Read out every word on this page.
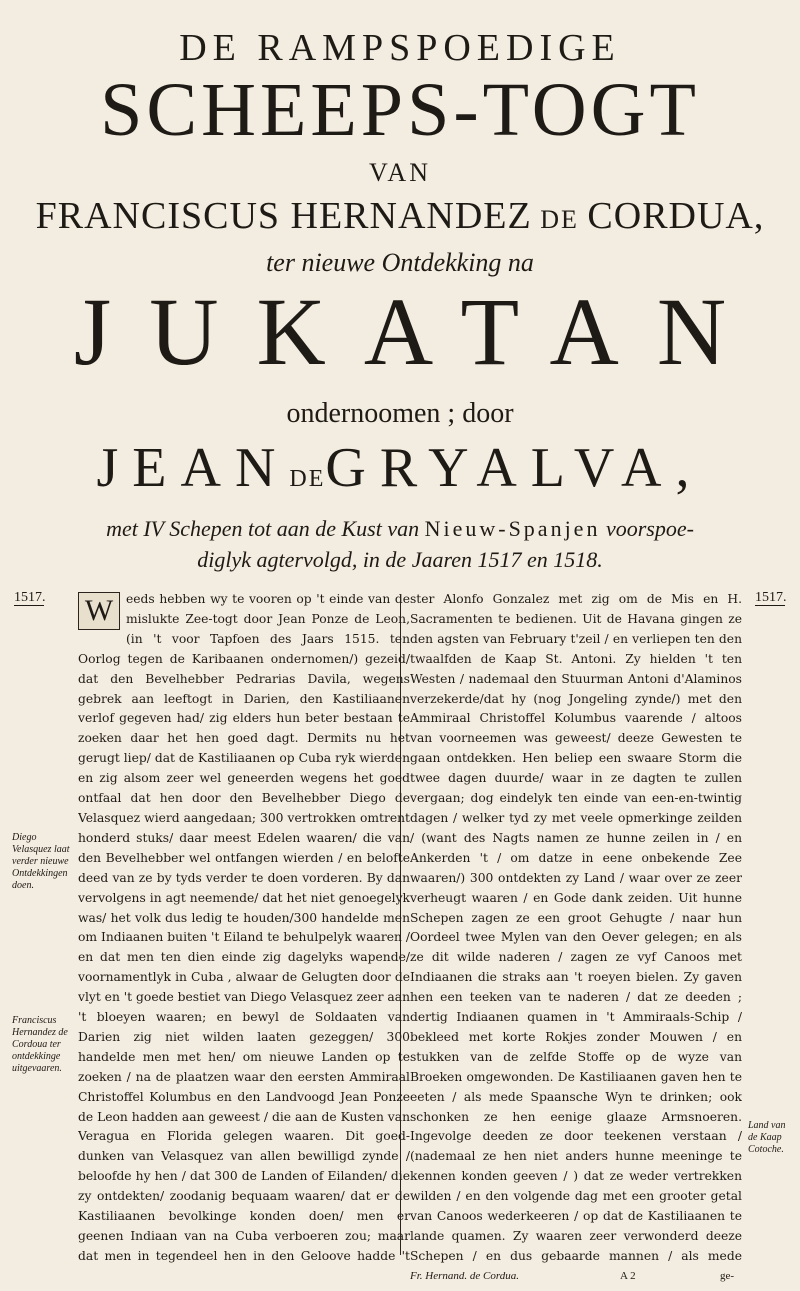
DE RAMPSPOEDIGE
SCHEEPS-TOGT
VAN
FRANCISCUS HERNANDEZ DE CORDUA,
ter nieuwe Ontdekking na
JUKATAN
ondernoomen ; door
JEANDEGRYALVA,
met IV Schepen tot aan de Kust van Nieuw-Spanjen voorspoe-
diglyk agtervolgd, in de Jaaren 1517 en 1518.
1517.	1517.
W	eeds hebben wy te vooren op 't einde van de mislukte Zee-togt door Jean Ponze de Leon, (in 't voor Tapfoen des Jaars 1515. ten Oorlog tegen de Karibaanen ondernomen/) gezeid/ dat den Bevelhebber Pedrarias Davila, wegens gebrek aan leeftogt in Darien, den Kastiliaanen verlof gegeven had/ zig elders hun beter bestaan te zoeken daar het hen goed dagt. Dermits nu het gerugt liep/ dat de Kastiliaanen op Cuba ryk wierden en zig alsom zeer wel geneerden wegens het goed ontfaal dat hen door den Bevelhebber Diego de Velasquez wierd aangedaan; 300 vertrokken omtrent honderd stuks/ daar meest Edelen waaren/ die van den Bevelhebber wel ontfangen wierden / en belofte deed van ze by tyds verder te doen vorderen. By dan vervolgens in agt neemende/ dat het niet genoegelyk was/ het volk dus ledig te houden/300 handelde men om Indiaanen buiten 't Eiland te behulpelyk waaren / en dat men ten dien einde zig dagelyks wapende/ voornamentlyk in Cuba , alwaar de Gelugten door de vlyt en 't goede bestiet van Diego Velasquez zeer aan 't bloeyen waaren; en bewyl de Soldaaten van Darien zig niet wilden laaten gezeggen/ 300 handelde men met hen/ om nieuwe Landen op te zoeken / na de plaatzen waar den eersten Ammiraal Christoffel Kolumbus en den Landvoogd Jean Ponze de Leon hadden aan geweest / die aan de Kusten van Veragua en Florida gelegen waaren. Dit goed-dunken van Velasquez van allen bewilligd zynde / beloofde hy hen / dat 300 de Landen of Eilanden/ die zy ontdekten/ zoodanig bequaam waaren/ dat er de Kastiliaanen bevolkinge konden doen/ men er geenen Indiaan van na Cuba verboeren zou; maar dat men in tegendeel hen in den Geloove hadde 't

ster Alonfo Gonzalez met zig om de Mis en H. Sacramenten te bedienen. Uit de Havana gingen ze den agsten van February t'zeil / en verliepen ten den twaalfden de Kaap St. Antoni. Zy hielden 't ten Westen / nademaal den Stuurman Antoni d'Alaminos verzekerde/dat hy (nog Jongeling zynde/) met den Ammiraal Christoffel Kolumbus vaarende / altoos van voorneemen was geweest/ deeze Gewesten te gaan ontdekken. Hen beliep een swaare Storm die twee dagen duurde/ waar in ze dagten te zullen vergaan; dog eindelyk ten einde van een-en-twintig dagen / welker tyd zy met veele opmerkinge zeilden / (want des Nagts namen ze hunne zeilen in / en Ankerden 't / om datze in eene onbekende Zee waaren/) 300 ontdekten zy Land / waar over ze zeer verheugt waaren / en Gode dank zeiden. Uit hunne Schepen zagen ze een groot Gehugte / naar hun Oordeel twee Mylen van den Oever gelegen; en als ze dit wilde naderen / zagen ze vyf Canoos met Indiaanen die straks aan 't roeyen bielen. Zy gaven hen een teeken van te naderen / dat ze deeden ; dertig Indiaanen quamen in 't Ammiraals-Schip / bekleed met korte Rokjes zonder Mouwen / en stukken van de zelfde Stoffe op de wyze van Broeken omgewonden. De Kastiliaanen gaven hen te eeten / als mede Spaansche Wyn te drinken; ook schonken ze hen eenige glaaze Armsnoeren. Ingevolge deeden ze door teekenen verstaan / (nademaal ze hen niet anders hunne meeninge te kennen konden geeven / ) dat ze weder vertrekken wilden / en den volgende dag met een grooter getal van Canoos wederkeeren / op dat de Kastiliaanen te lande quamen. Zy waaren zeer verwonderd deeze Schepen / en dus gebaarde mannen / als mede

Diego Velasquez laat verder nieuwe Ontdekkingen doen.
Franciscus Hernandez de Cordoua ter ontdekkinge uitgevaaren.
Land van de Kaap Cotoche.
Fr. Hernand. de Cordua.	A 2	ge-
